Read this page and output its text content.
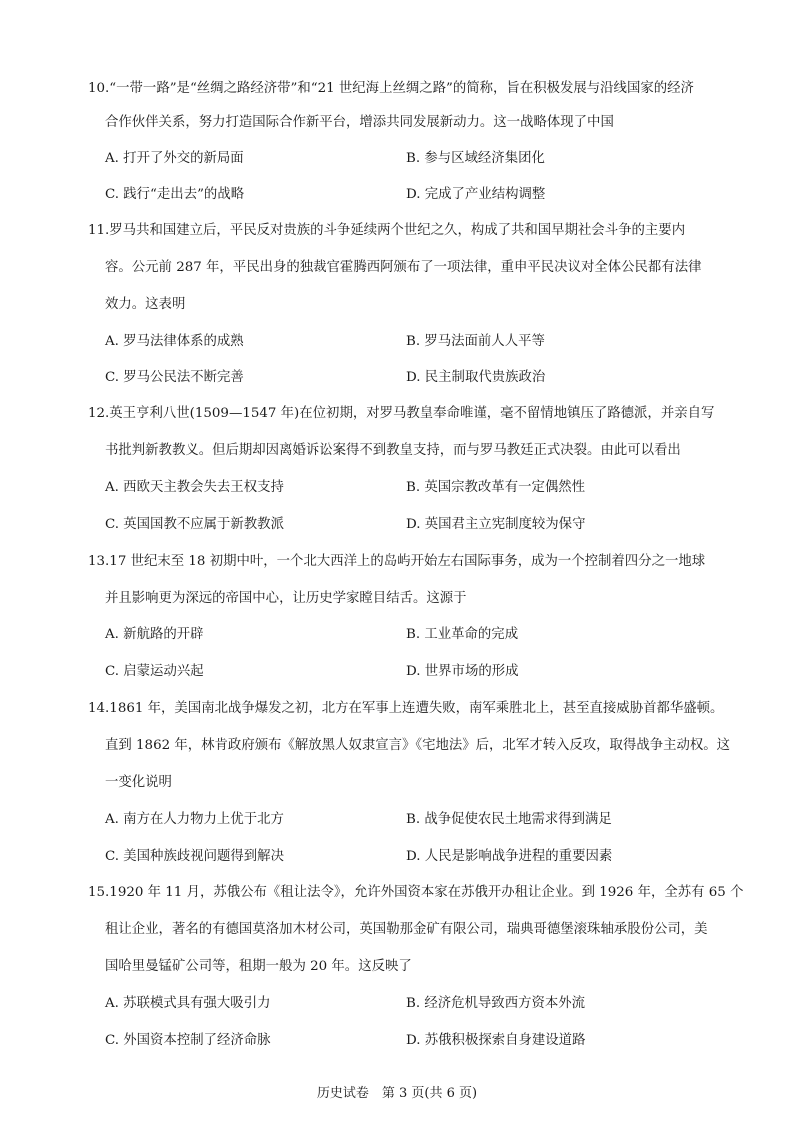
10.“一带一路”是“丝绸之路经济带”和“21 世纪海上丝绸之路”的简称，旨在积极发展与沿线国家的经济
合作伙伴关系，努力打造国际合作新平台，增添共同发展新动力。这一战略体现了中国
A. 打开了外交的新局面	B. 参与区域经济集团化
C. 践行“走出去”的战略	D. 完成了产业结构调整
11.罗马共和国建立后，平民反对贵族的斗争延续两个世纪之久，构成了共和国早期社会斗争的主要内
容。公元前 287 年，平民出身的独裁官霍腾西阿颁布了一项法律，重申平民决议对全体公民都有法律
效力。这表明
A. 罗马法律体系的成熟	B. 罗马法面前人人平等
C. 罗马公民法不断完善	D. 民主制取代贵族政治
12.英王亨利八世(1509—1547 年)在位初期，对罗马教皇奉命唯谨，毫不留情地镇压了路德派，并亲自写
书批判新教教义。但后期却因离婚诉讼案得不到教皇支持，而与罗马教廷正式决裂。由此可以看出
A. 西欧天主教会失去王权支持	B. 英国宗教改革有一定偶然性
C. 英国国教不应属于新教教派	D. 英国君主立宪制度较为保守
13.17 世纪末至 18 初期中叶，一个北大西洋上的岛屿开始左右国际事务，成为一个控制着四分之一地球
并且影响更为深远的帝国中心，让历史学家瞠目结舌。这源于
A. 新航路的开辟	B. 工业革命的完成
C. 启蒙运动兴起	D. 世界市场的形成
14.1861 年，美国南北战争爆发之初，北方在军事上连遭失败，南军乘胜北上，甚至直接威胁首都华盛顿。
直到 1862 年，林肯政府颁布《解放黑人奴隶宣言》《宅地法》后，北军才转入反攻，取得战争主动权。这
一变化说明
A. 南方在人力物力上优于北方	B. 战争促使农民土地需求得到满足
C. 美国种族歧视问题得到解决	D. 人民是影响战争进程的重要因素
15.1920 年 11 月，苏俄公布《租让法令》，允许外国资本家在苏俄开办租让企业。到 1926 年，全苏有 65 个
租让企业，著名的有德国莫洛加木材公司，英国勒那金矿有限公司，瑞典哥德堡滚珠轴承股份公司，美
国哈里曼锰矿公司等，租期一般为 20 年。这反映了
A. 苏联模式具有强大吸引力	B. 经济危机导致西方资本外流
C. 外国资本控制了经济命脉	D. 苏俄积极探索自身建设道路
历史试卷　第 3 页(共 6 页)
